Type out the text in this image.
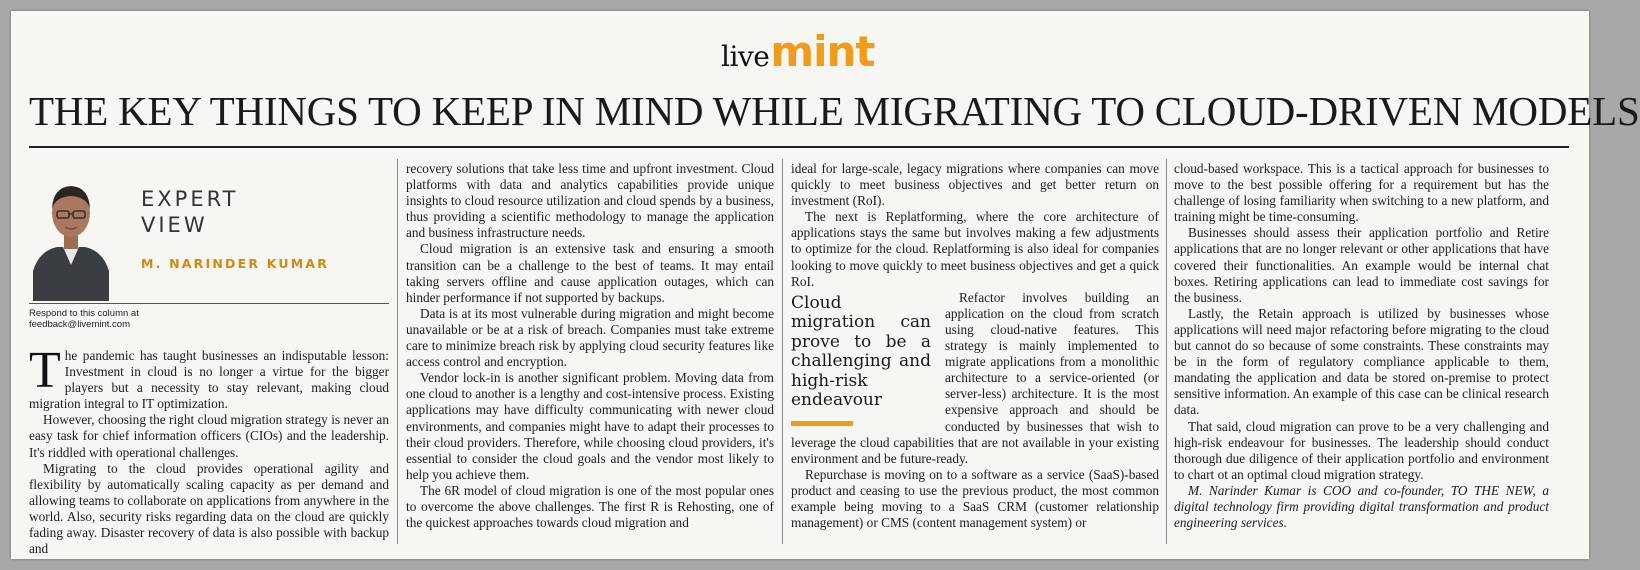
live mint
THE KEY THINGS TO KEEP IN MIND WHILE MIGRATING TO CLOUD-DRIVEN MODELS
EXPERT
VIEW
M. NARINDER KUMAR
Respond to this column at
feedback@livemint.com

The pandemic has taught businesses an indisputable lesson: Investment in cloud is no longer a virtue for the bigger players but a necessity to stay relevant, making cloud migration integral to IT optimization.

However, choosing the right cloud migration strategy is never an easy task for chief information officers (CIOs) and the leadership. It's riddled with operational challenges.

Migrating to the cloud provides operational agility and flexibility by automatically scaling capacity as per demand and allowing teams to collaborate on applications from anywhere in the world. Also, security risks regarding data on the cloud are quickly fading away. Disaster recovery of data is also possible with backup and

recovery solutions that take less time and upfront investment. Cloud platforms with data and analytics capabilities provide unique insights to cloud resource utilization and cloud spends by a business, thus providing a scientific methodology to manage the application and business infrastructure needs.

Cloud migration is an extensive task and ensuring a smooth transition can be a challenge to the best of teams. It may entail taking servers offline and cause application outages, which can hinder performance if not supported by backups.

Data is at its most vulnerable during migration and might become unavailable or be at a risk of breach. Companies must take extreme care to minimize breach risk by applying cloud security features like access control and encryption.

Vendor lock-in is another significant problem. Moving data from one cloud to another is a lengthy and cost-intensive process. Existing applications may have difficulty communicating with newer cloud environments, and companies might have to adapt their processes to their cloud providers. Therefore, while choosing cloud providers, it's essential to consider the cloud goals and the vendor most likely to help you achieve them.

The 6R model of cloud migration is one of the most popular ones to overcome the above challenges. The first R is Rehosting, one of the quickest approaches towards cloud migration and

ideal for large-scale, legacy migrations where companies can move quickly to meet business objectives and get better return on investment (RoI).

The next is Replatforming, where the core architecture of applications stays the same but involves making a few adjustments to optimize for the cloud. Replatforming is also ideal for companies looking to move quickly to meet business objectives and get a quick RoI.

Cloud migration can prove to be a challenging and high-risk endeavour

Refactor involves building an application on the cloud from scratch using cloud-native features. This strategy is mainly implemented to migrate applications from a monolithic architecture to a service-oriented (or server-less) architecture. It is the most expensive approach and should be conducted by businesses that wish to leverage the cloud capabilities that are not available in your existing environment and be future-ready.

Repurchase is moving on to a software as a service (SaaS)-based product and ceasing to use the previous product, the most common example being moving to a SaaS CRM (customer relationship management) or CMS (content management system) or

cloud-based workspace. This is a tactical approach for businesses to move to the best possible offering for a requirement but has the challenge of losing familiarity when switching to a new platform, and training might be time-consuming.

Businesses should assess their application portfolio and Retire applications that are no longer relevant or other applications that have covered their functionalities. An example would be internal chat boxes. Retiring applications can lead to immediate cost savings for the business.

Lastly, the Retain approach is utilized by businesses whose applications will need major refactoring before migrating to the cloud but cannot do so because of some constraints. These constraints may be in the form of regulatory compliance applicable to them, mandating the application and data be stored on-premise to protect sensitive information. An example of this case can be clinical research data.

That said, cloud migration can prove to be a very challenging and high-risk endeavour for businesses. The leadership should conduct thorough due diligence of their application portfolio and environment to chart ot an optimal cloud migration strategy.

M. Narinder Kumar is COO and co-founder, TO THE NEW, a digital technology firm providing digital transformation and product engineering services.
